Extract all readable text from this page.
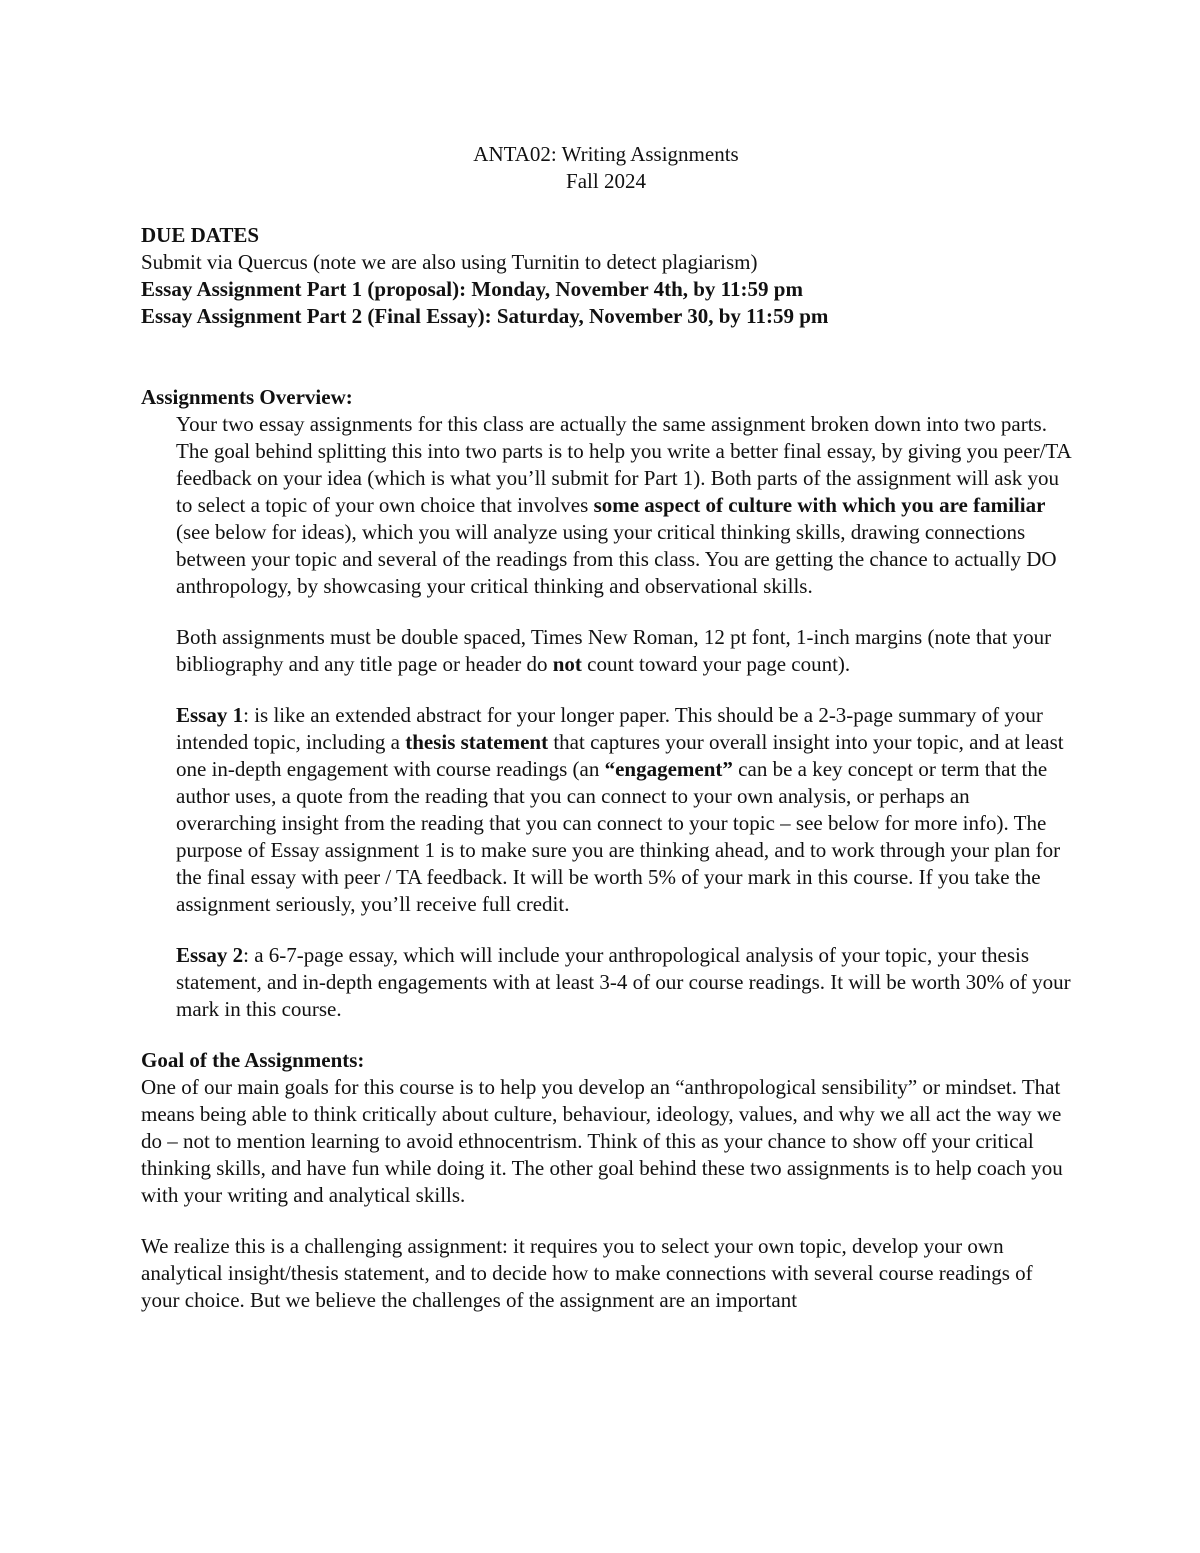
ANTA02: Writing Assignments
Fall 2024
DUE DATES
Submit via Quercus (note we are also using Turnitin to detect plagiarism)
Essay Assignment Part 1 (proposal): Monday, November 4th, by 11:59 pm
Essay Assignment Part 2 (Final Essay): Saturday, November 30, by 11:59 pm
Assignments Overview:

Your two essay assignments for this class are actually the same assignment broken down into two parts. The goal behind splitting this into two parts is to help you write a better final essay, by giving you peer/TA feedback on your idea (which is what you’ll submit for Part 1). Both parts of the assignment will ask you to select a topic of your own choice that involves some aspect of culture with which you are familiar (see below for ideas), which you will analyze using your critical thinking skills, drawing connections between your topic and several of the readings from this class. You are getting the chance to actually DO anthropology, by showcasing your critical thinking and observational skills.

Both assignments must be double spaced, Times New Roman, 12 pt font, 1-inch margins (note that your bibliography and any title page or header do not count toward your page count).

Essay 1: is like an extended abstract for your longer paper. This should be a 2-3-page summary of your intended topic, including a thesis statement that captures your overall insight into your topic, and at least one in-depth engagement with course readings (an “engagement” can be a key concept or term that the author uses, a quote from the reading that you can connect to your own analysis, or perhaps an overarching insight from the reading that you can connect to your topic – see below for more info). The purpose of Essay assignment 1 is to make sure you are thinking ahead, and to work through your plan for the final essay with peer / TA feedback. It will be worth 5% of your mark in this course. If you take the assignment seriously, you’ll receive full credit.

Essay 2: a 6-7-page essay, which will include your anthropological analysis of your topic, your thesis statement, and in-depth engagements with at least 3-4 of our course readings. It will be worth 30% of your mark in this course.

Goal of the Assignments:

One of our main goals for this course is to help you develop an “anthropological sensibility” or mindset. That means being able to think critically about culture, behaviour, ideology, values, and why we all act the way we do – not to mention learning to avoid ethnocentrism. Think of this as your chance to show off your critical thinking skills, and have fun while doing it. The other goal behind these two assignments is to help coach you with your writing and analytical skills.

We realize this is a challenging assignment: it requires you to select your own topic, develop your own analytical insight/thesis statement, and to decide how to make connections with several course readings of your choice. But we believe the challenges of the assignment are an important
